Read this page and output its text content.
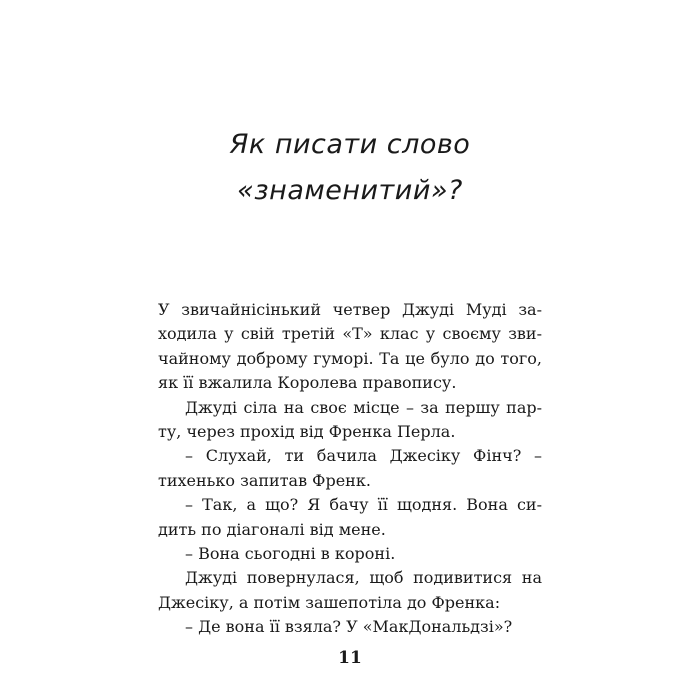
Як писати слово
«знаменитий»?
У звичайнісінький четвер Джуді Муді за-
ходила у свій третій «Т» клас у своєму зви-
чайному доброму гуморі. Та це було до того,
як її вжалила Королева правопису.
Джуді сіла на своє місце – за першу пар-
ту, через прохід від Френка Перла.
– Слухай, ти бачила Джесіку Фінч? –
тихенько запитав Френк.
– Так, а що? Я бачу її щодня. Вона си-
дить по діагоналі від мене.
– Вона сьогодні в короні.
Джуді повернулася, щоб подивитися на
Джесіку, а потім зашепотіла до Френка:
– Де вона її взяла? У «МакДональдзі»?
11
